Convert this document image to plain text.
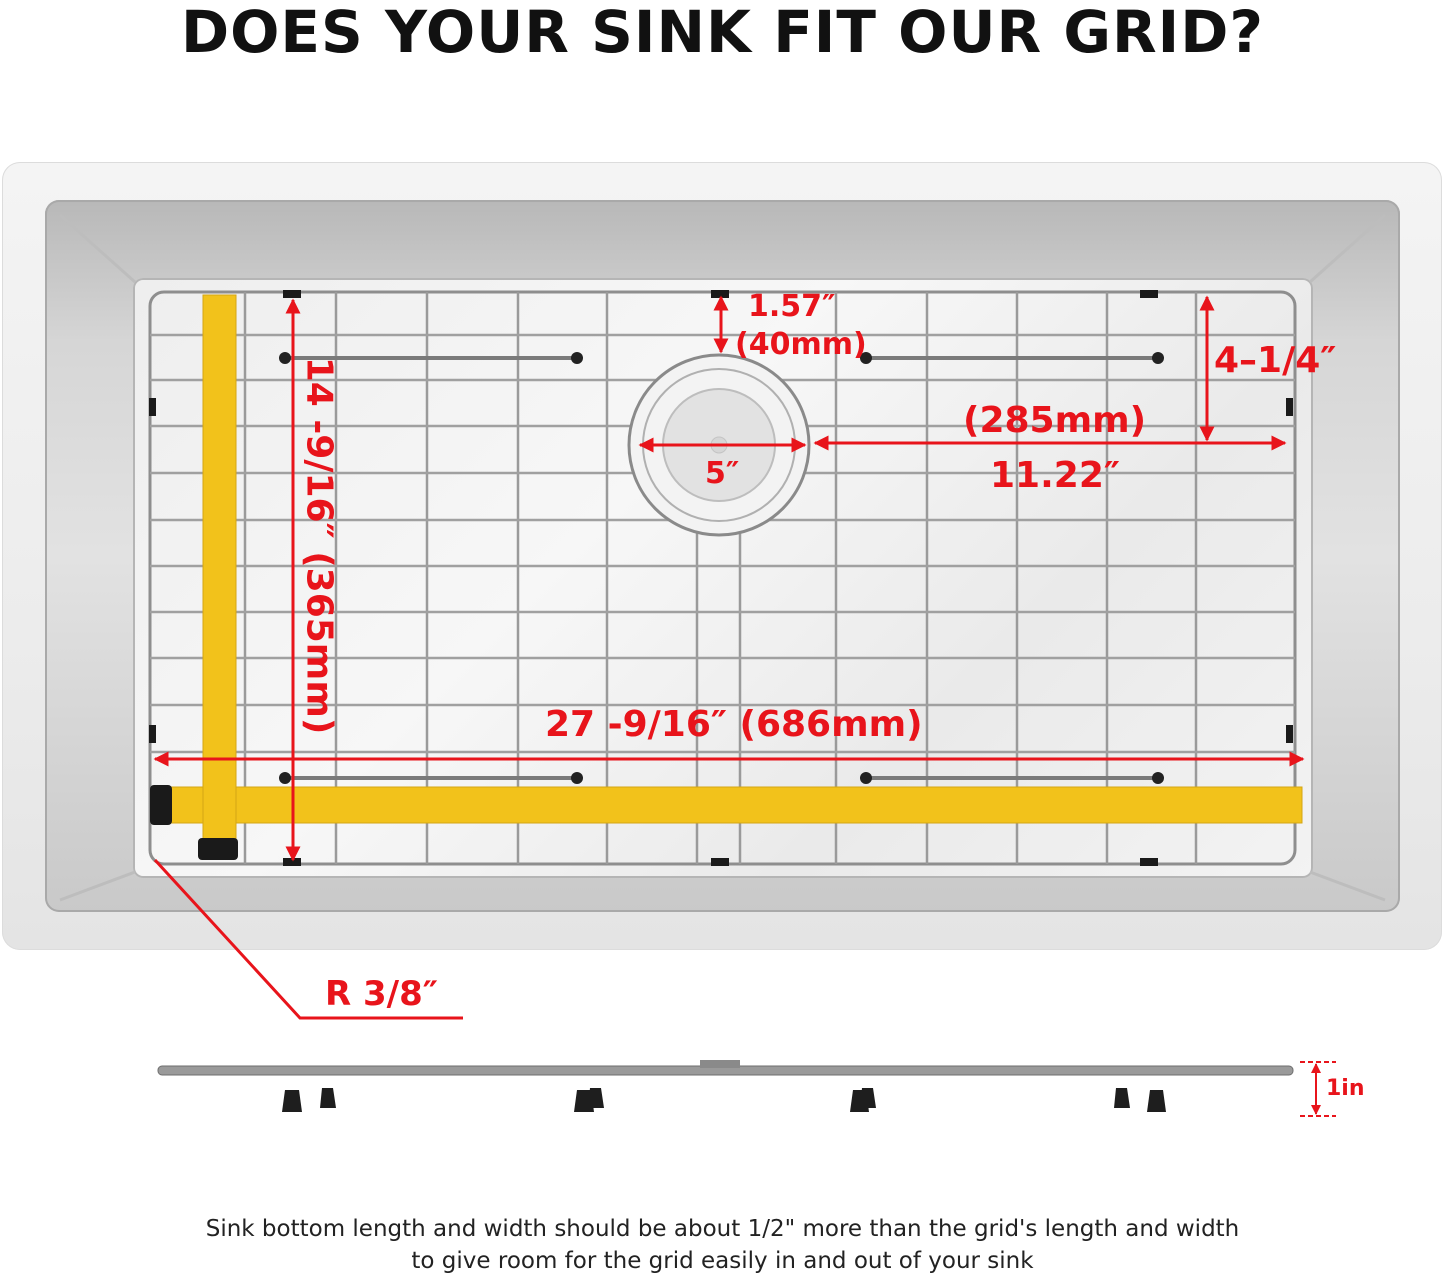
DOES YOUR SINK FIT OUR GRID?
1.57″
(40mm)	4–1/4″
(285mm)
11.22″
5″
14 -9/16″ (365mm)	27 -9/16″ (686mm)
R 3/8″
1in
Sink bottom length and width should be about 1/2" more than the grid's length and width
to give room for the grid easily in and out of your sink
